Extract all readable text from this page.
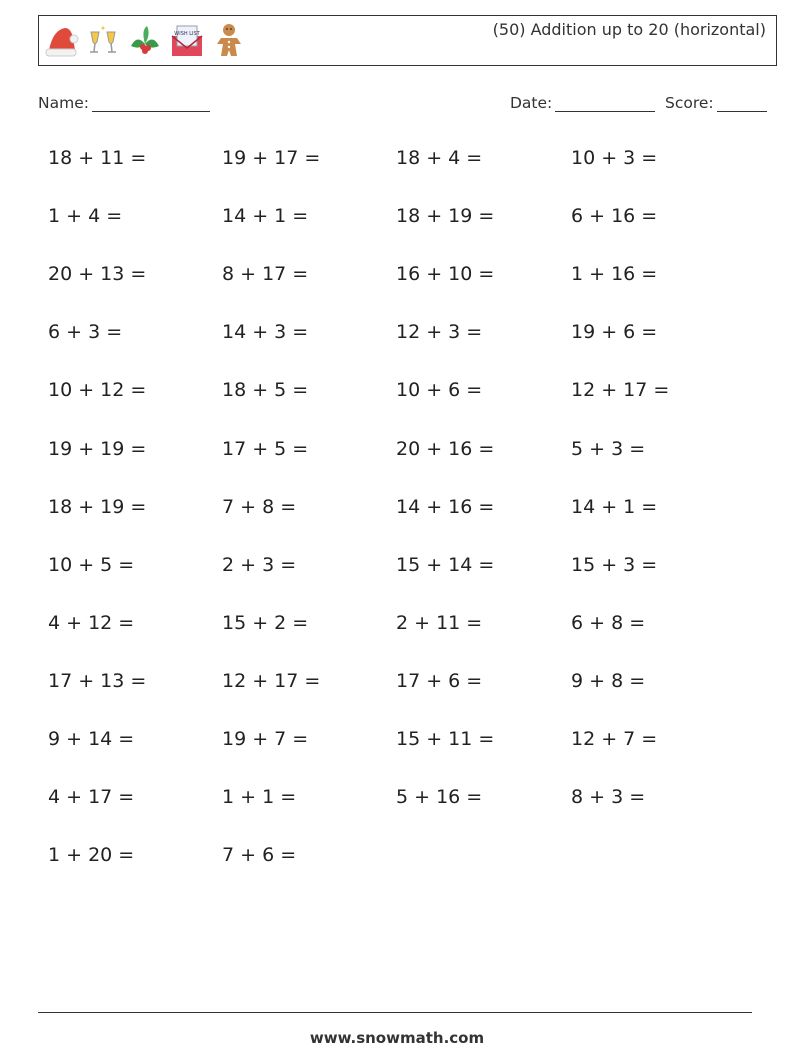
WISH LIST	(50) Addition up to 20 (horizontal)
Name:	Date:	Score:
18 + 11 =	19 + 17 =	18 + 4 =	10 + 3 =
1 + 4 =	14 + 1 =	18 + 19 =	6 + 16 =
20 + 13 =	8 + 17 =	16 + 10 =	1 + 16 =
6 + 3 =	14 + 3 =	12 + 3 =	19 + 6 =
10 + 12 =	18 + 5 =	10 + 6 =	12 + 17 =
19 + 19 =	17 + 5 =	20 + 16 =	5 + 3 =
18 + 19 =	7 + 8 =	14 + 16 =	14 + 1 =
10 + 5 =	2 + 3 =	15 + 14 =	15 + 3 =
4 + 12 =	15 + 2 =	2 + 11 =	6 + 8 =
17 + 13 =	12 + 17 =	17 + 6 =	9 + 8 =
9 + 14 =	19 + 7 =	15 + 11 =	12 + 7 =
4 + 17 =	1 + 1 =	5 + 16 =	8 + 3 =
1 + 20 =	7 + 6 =
www.snowmath.com
